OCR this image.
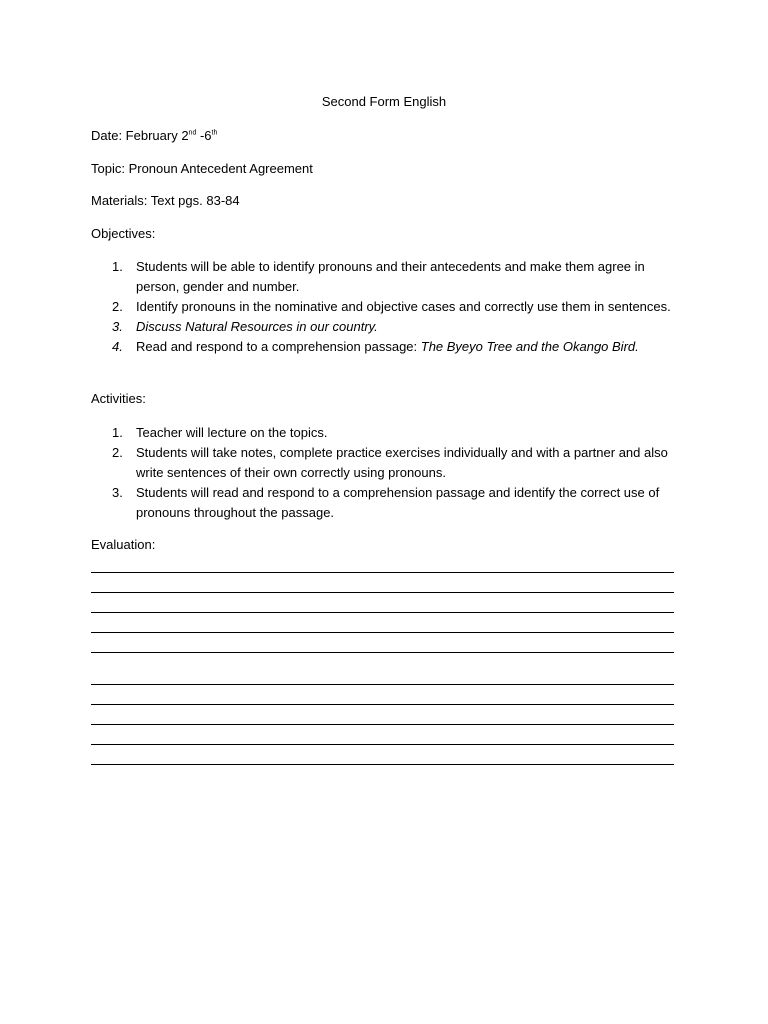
Second Form English
Date: February 2nd -6th
Topic: Pronoun Antecedent Agreement
Materials: Text pgs. 83-84
Objectives:
1. Students will be able to identify pronouns and their antecedents and make them agree in person, gender and number.
2. Identify pronouns in the nominative and objective cases and correctly use them in sentences.
3. Discuss Natural Resources in our country.
4. Read and respond to a comprehension passage: The Byeyo Tree and the Okango Bird.
Activities:
1. Teacher will lecture on the topics.
2. Students will take notes, complete practice exercises individually and with a partner and also write sentences of their own correctly using pronouns.
3. Students will read and respond to a comprehension passage and identify the correct use of pronouns throughout the passage.
Evaluation:
